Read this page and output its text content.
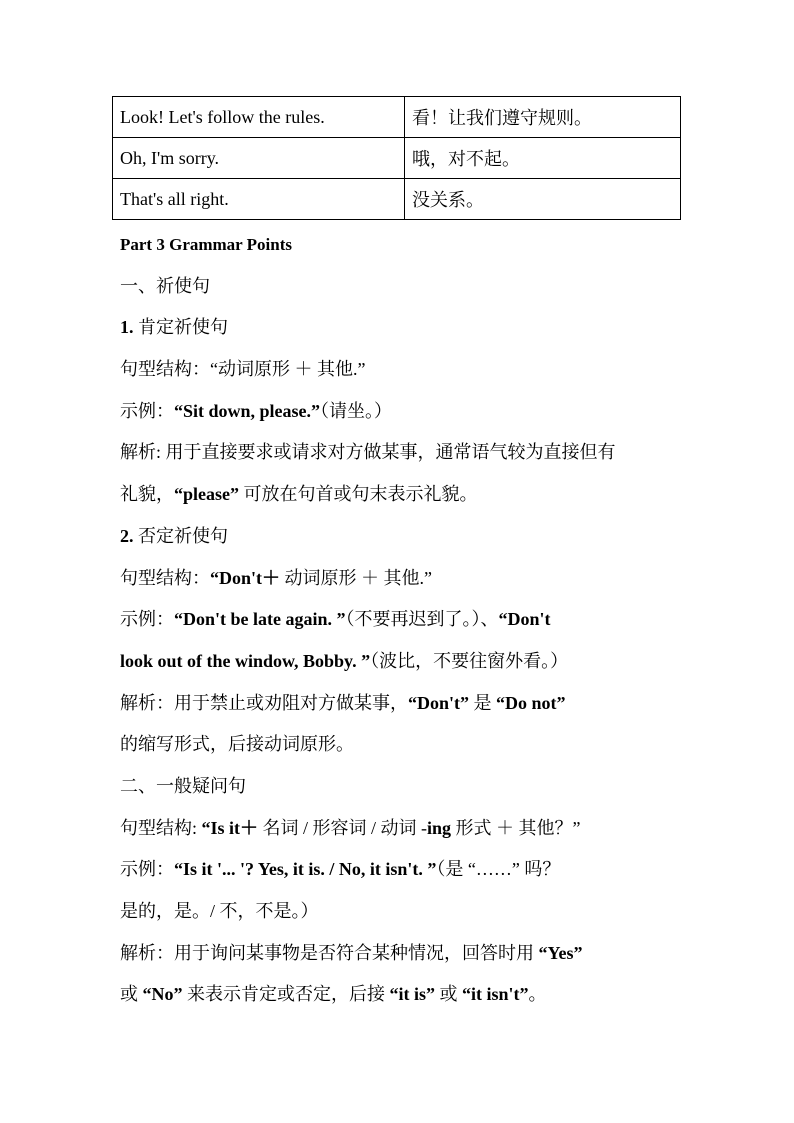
Look! Let's follow the rules.	看！让我们遵守规则。
Oh, I'm sorry.	哦，对不起。
That's all right.	没关系。
Part 3 Grammar Points
一、祈使句
1. 肯定祈使句
句型结构：“动词原形 ＋ 其他.”
示例：“Sit down, please.”（请坐。）
解析: 用于直接要求或请求对方做某事，通常语气较为直接但有
礼貌，“please” 可放在句首或句末表示礼貌。
2. 否定祈使句
句型结构：“Don't＋ 动词原形 ＋ 其他.”
示例：“Don't be late again. ”（不要再迟到了。）、“Don't
look out of the window, Bobby. ”（波比，不要往窗外看。）
解析：用于禁止或劝阻对方做某事，“Don't” 是 “Do not”
的缩写形式，后接动词原形。
二、一般疑问句
句型结构: “Is it＋ 名词 / 形容词 / 动词 -ing 形式 ＋ 其他？”
示例：“Is it '... '? Yes, it is. / No, it isn't. ”（是 “……” 吗？
是的，是。/ 不，不是。）
解析：用于询问某事物是否符合某种情况，回答时用 “Yes”
或 “No” 来表示肯定或否定，后接 “it is” 或 “it isn't”。
